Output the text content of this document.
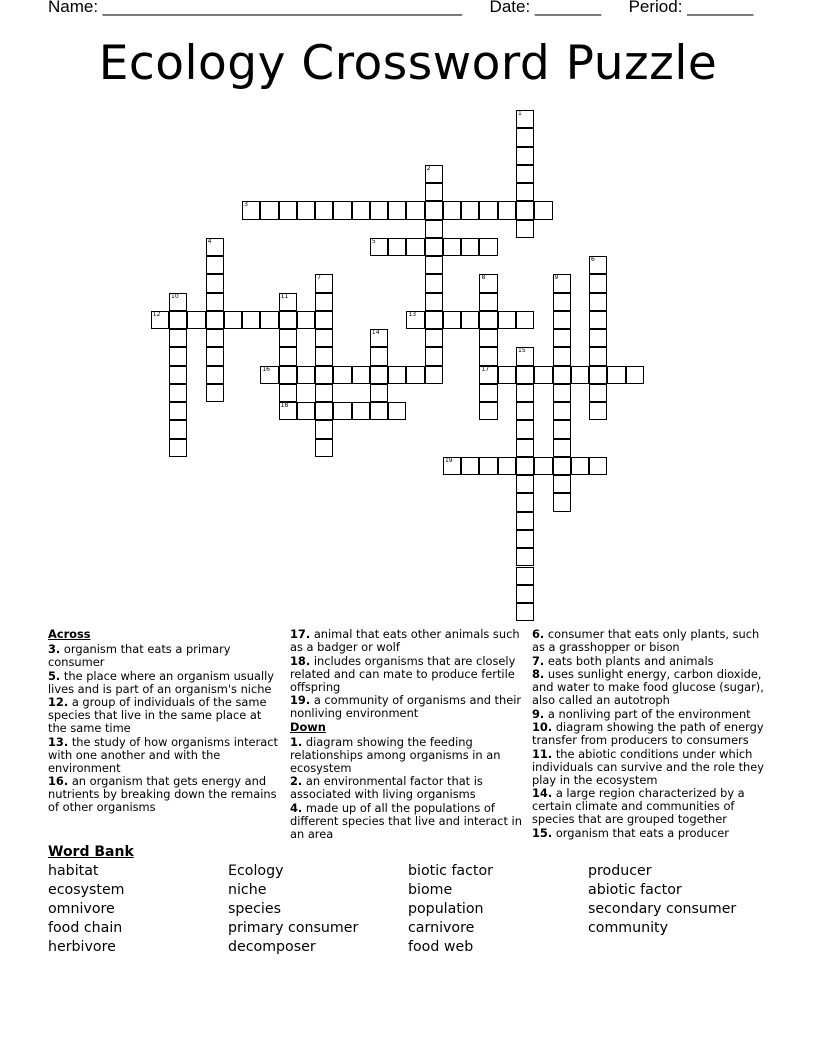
Name: ______________________________________ Date: _______ Period: _______
Ecology Crossword Puzzle
1
2
3
4	5
6
7	8
17
9
10	11
18
12	13
14
15
16
19
Across
3. organism that eats a primary consumer
5. the place where an organism usually lives and is part of an organism's niche
12. a group of individuals of the same species that live in the same place at the same time
13. the study of how organisms interact with one another and with the environment
16. an organism that gets energy and nutrients by breaking down the remains of other organisms
17. animal that eats other animals such as a badger or wolf
18. includes organisms that are closely related and can mate to produce fertile offspring
19. a community of organisms and their nonliving environment
Down
1. diagram showing the feeding relationships among organisms in an ecosystem
2. an environmental factor that is associated with living organisms
4. made up of all the populations of different species that live and interact in an area
6. consumer that eats only plants, such as a grasshopper or bison
7. eats both plants and animals
8. uses sunlight energy, carbon dioxide, and water to make food glucose (sugar), also called an autotroph
9. a nonliving part of the environment
10. diagram showing the path of energy transfer from producers to consumers
11. the abiotic conditions under which individuals can survive and the role they play in the ecosystem
14. a large region characterized by a certain climate and communities of species that are grouped together
15. organism that eats a producer
Word Bank
habitat
ecosystem
omnivore
food chain
herbivore
Ecology
niche
species
primary consumer
decomposer
biotic factor
biome
population
carnivore
food web
producer
abiotic factor
secondary consumer
community
